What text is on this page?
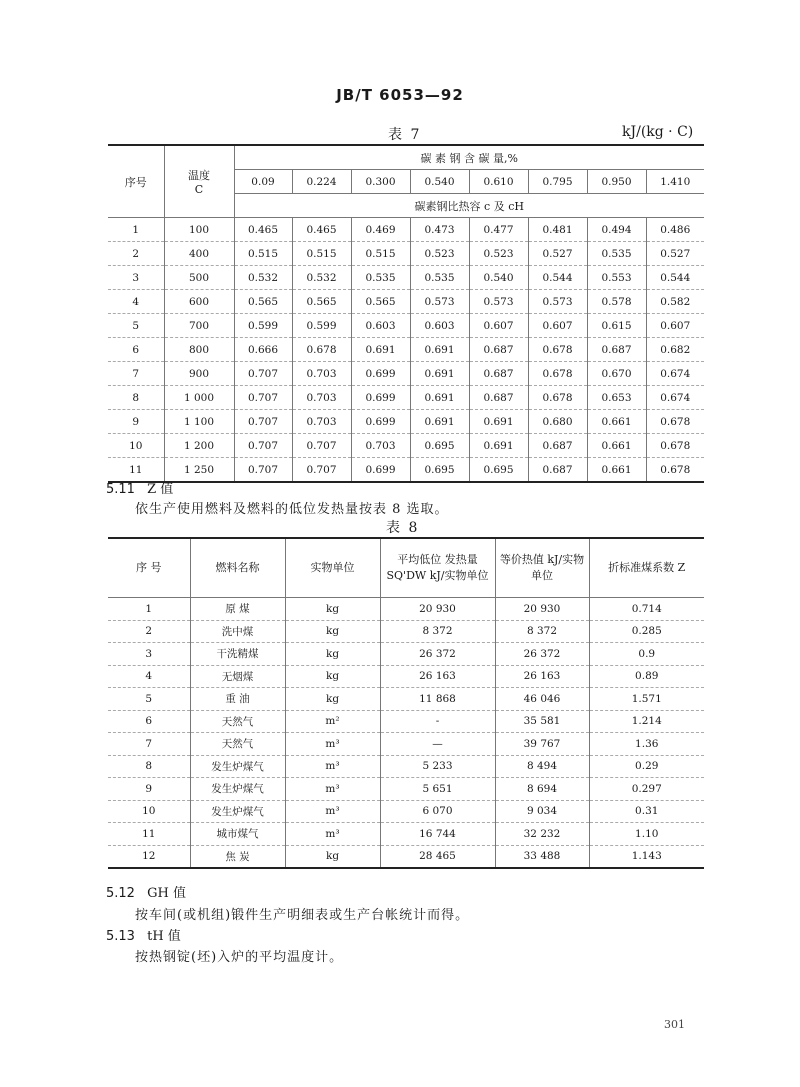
JB/T 6053—92
表 7	kJ/(kg · C)
序号	温度
C	碳 素 钢 含 碳 量,%							
		0.09	0.224	0.300	0.540	0.610	0.795	0.950	1.410
		碳素钢比热容 c 及 cH							
1	100	0.465	0.465	0.469	0.473	0.477	0.481	0.494	0.486
2	400	0.515	0.515	0.515	0.523	0.523	0.527	0.535	0.527
3	500	0.532	0.532	0.535	0.535	0.540	0.544	0.553	0.544
4	600	0.565	0.565	0.565	0.573	0.573	0.573	0.578	0.582
5	700	0.599	0.599	0.603	0.603	0.607	0.607	0.615	0.607
6	800	0.666	0.678	0.691	0.691	0.687	0.678	0.687	0.682
7	900	0.707	0.703	0.699	0.691	0.687	0.678	0.670	0.674
8	1 000	0.707	0.703	0.699	0.691	0.687	0.678	0.653	0.674
9	1 100	0.707	0.703	0.699	0.691	0.691	0.680	0.661	0.678
10	1 200	0.707	0.707	0.703	0.695	0.691	0.687	0.661	0.678
11	1 250	0.707	0.707	0.699	0.695	0.695	0.687	0.661	0.678
5.11 Z 值
依生产使用燃料及燃料的低位发热量按表 8 选取。
表 8
序 号	燃料名称	实物单位	平均低位 发热量 SQ'DW kJ/实物单位	等价热值 kJ/实物单位	折标准煤系数 Z
1	原 煤	kg	20 930	20 930	0.714
2	洗中煤	kg	8 372	8 372	0.285
3	干洗精煤	kg	26 372	26 372	0.9
4	无烟煤	kg	26 163	26 163	0.89
5	重 油	kg	11 868	46 046	1.571
6	天然气	m²	-	35 581	1.214
7	天然气	m³	—	39 767	1.36
8	发生炉煤气	m³	5 233	8 494	0.29
9	发生炉煤气	m³	5 651	8 694	0.297
10	发生炉煤气	m³	6 070	9 034	0.31
11	城市煤气	m³	16 744	32 232	1.10
12	焦 炭	kg	28 465	33 488	1.143
5.12 GH 值
按车间(或机组)锻件生产明细表或生产台帐统计而得。
5.13 tH 值
按热钢锭(坯)入炉的平均温度计。
301
